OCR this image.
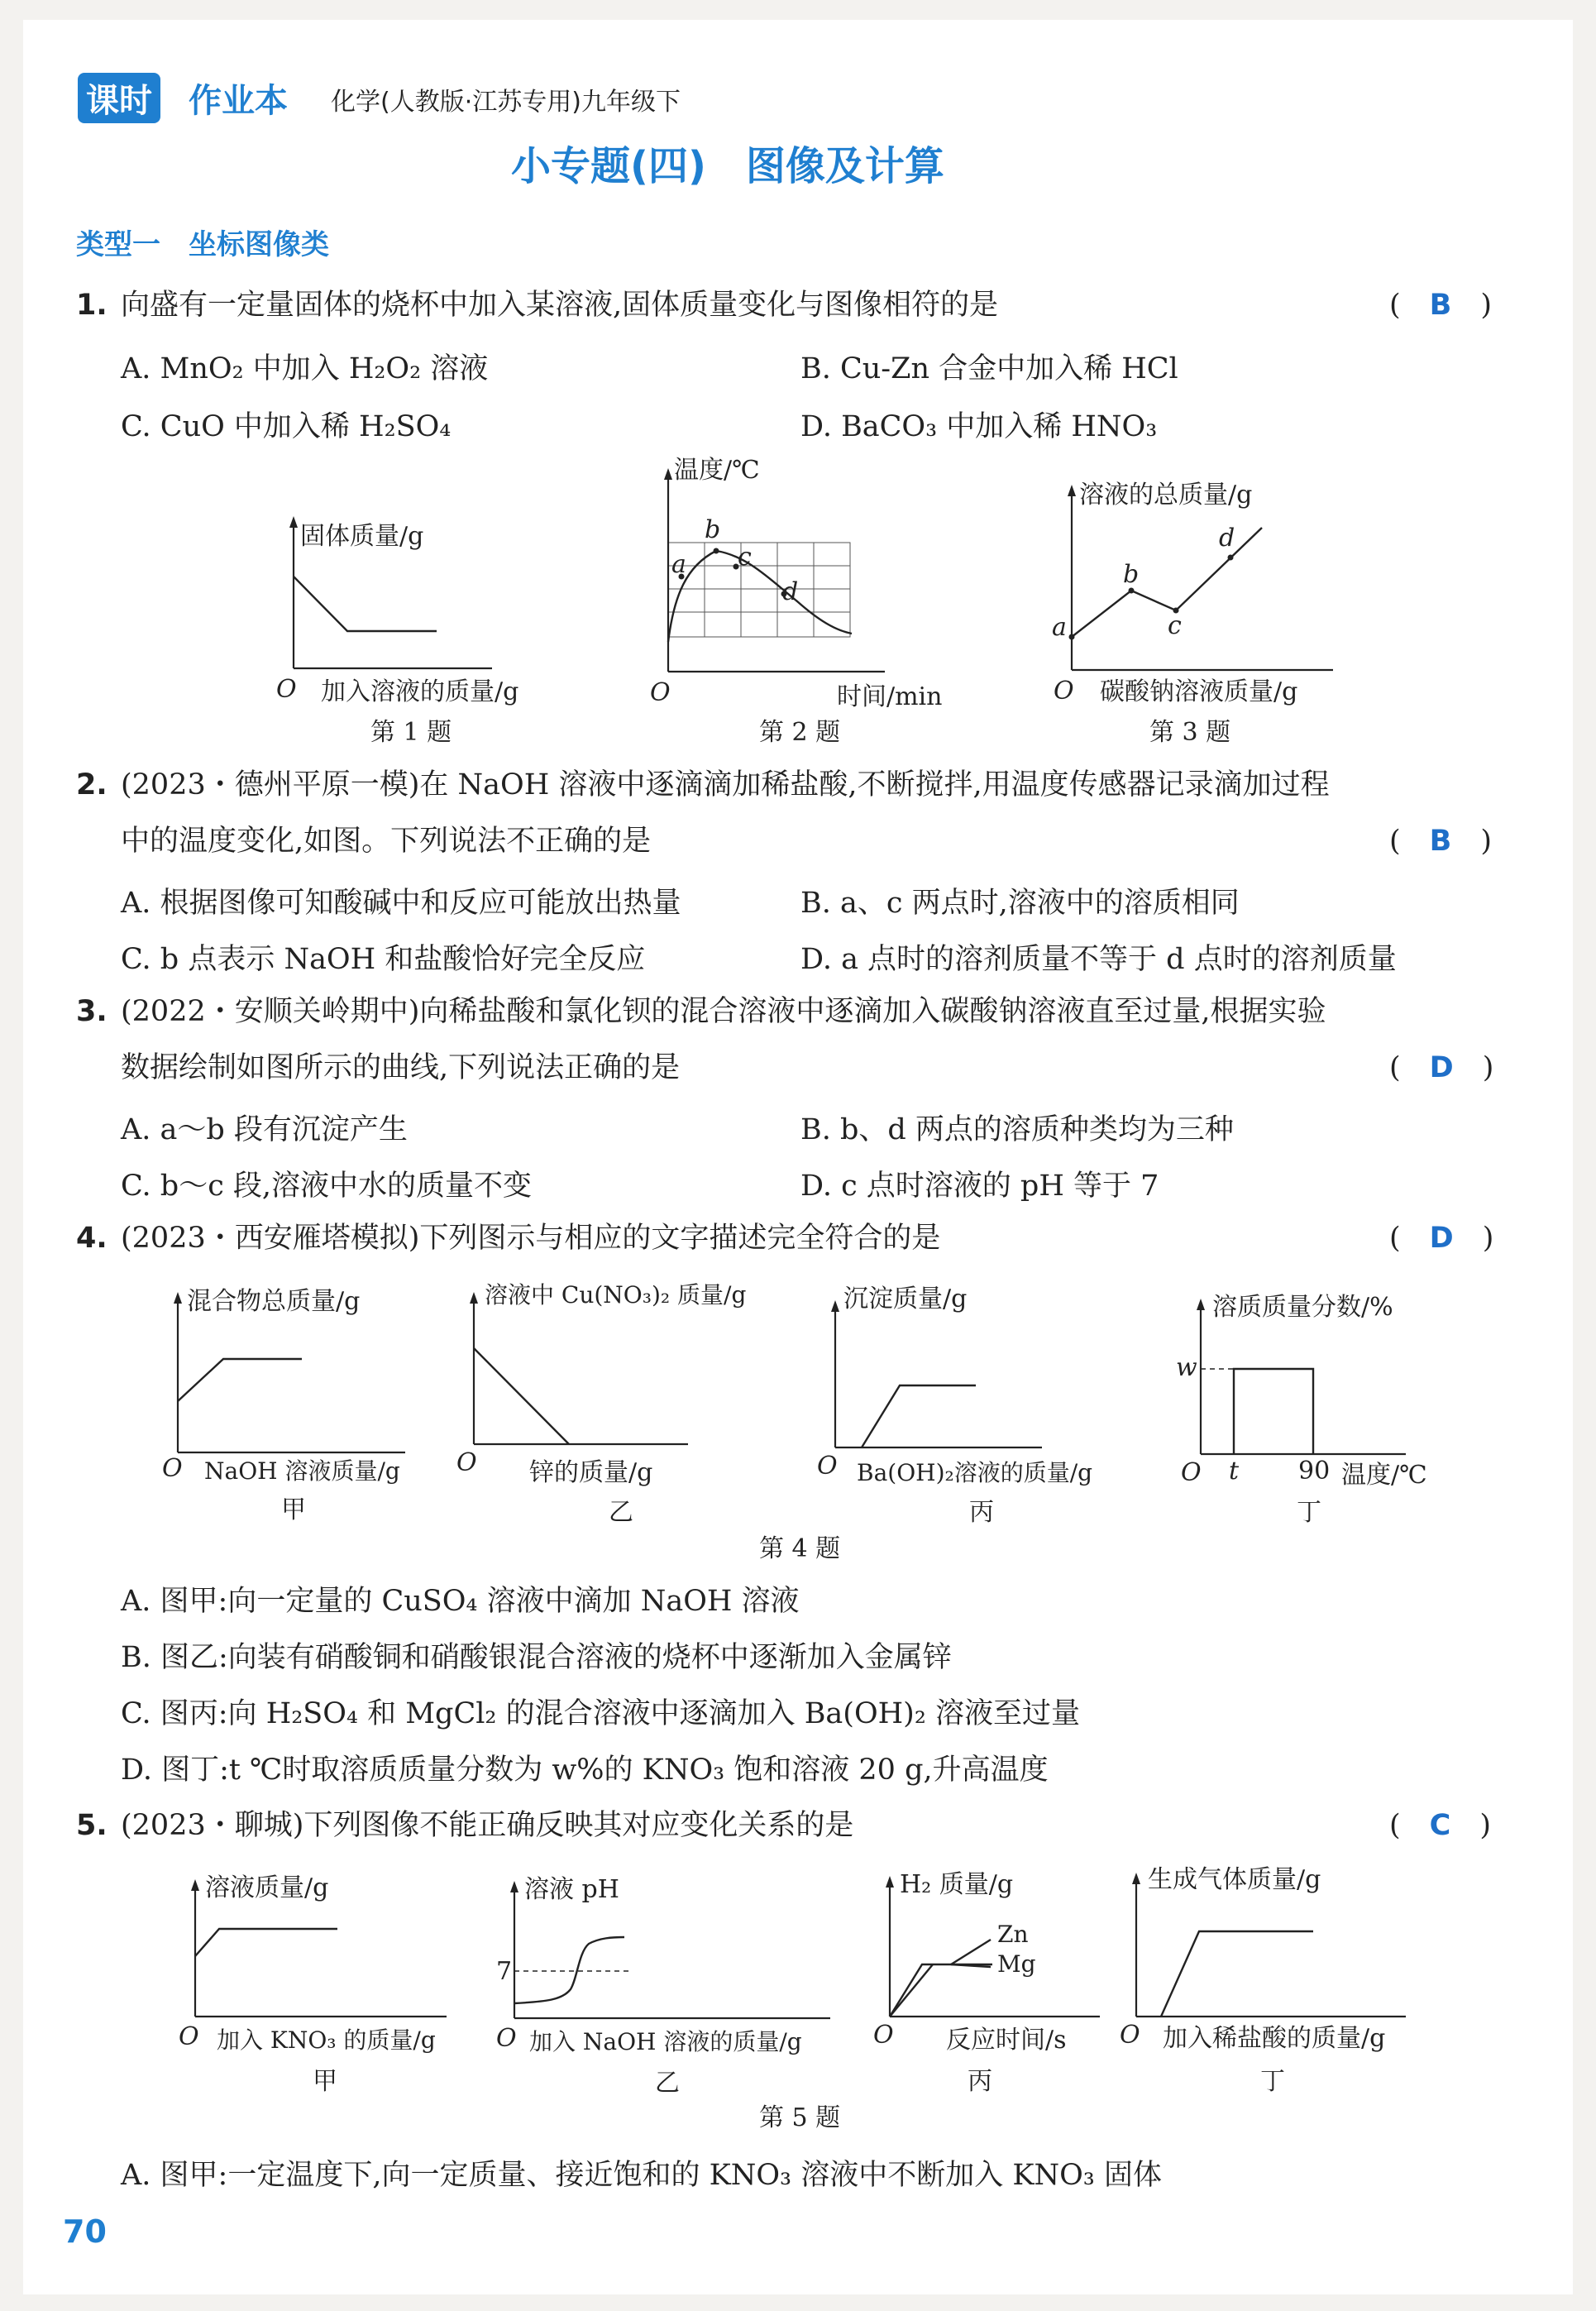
课时 作业本 化学(人教版·江苏专用)九年级下
小专题(四)　图像及计算
类型一　坐标图像类
1. 向盛有一定量固体的烧杯中加入某溶液,固体质量变化与图像相符的是	(　B　)
A. MnO₂ 中加入 H₂O₂ 溶液	B. Cu-Zn 合金中加入稀 HCl
C. CuO 中加入稀 H₂SO₄	D. BaCO₃ 中加入稀 HNO₃
固体质量/g
O 加入溶液的质量/g
第 1 题
温度/℃
a
b
c
d
O	时间/min
第 2 题
溶液的总质量/g
a
b
c
d
O 碳酸钠溶液质量/g
第 3 题
2. (2023・德州平原一模)在 NaOH 溶液中逐滴滴加稀盐酸,不断搅拌,用温度传感器记录滴加过程
中的温度变化,如图。下列说法不正确的是	(　B　)
A. 根据图像可知酸碱中和反应可能放出热量	B. a、c 两点时,溶液中的溶质相同
C. b 点表示 NaOH 和盐酸恰好完全反应	D. a 点时的溶剂质量不等于 d 点时的溶剂质量
3. (2022・安顺关岭期中)向稀盐酸和氯化钡的混合溶液中逐滴加入碳酸钠溶液直至过量,根据实验
数据绘制如图所示的曲线,下列说法正确的是	(　D　)
A. a～b 段有沉淀产生	B. b、d 两点的溶质种类均为三种
C. b～c 段,溶液中水的质量不变	D. c 点时溶液的 pH 等于 7
4. (2023・西安雁塔模拟)下列图示与相应的文字描述完全符合的是	(　D　)
混合物总质量/g
O NaOH 溶液质量/g
甲
溶液中 Cu(NO₃)₂ 质量/g
O 锌的质量/g
乙
沉淀质量/g
O Ba(OH)₂溶液的质量/g
丙
溶质质量分数/%
w
O t 90 温度/℃
丁
第 4 题
A. 图甲:向一定量的 CuSO₄ 溶液中滴加 NaOH 溶液
B. 图乙:向装有硝酸铜和硝酸银混合溶液的烧杯中逐渐加入金属锌
C. 图丙:向 H₂SO₄ 和 MgCl₂ 的混合溶液中逐滴加入 Ba(OH)₂ 溶液至过量
D. 图丁:t ℃时取溶质质量分数为 w%的 KNO₃ 饱和溶液 20 g,升高温度
5. (2023・聊城)下列图像不能正确反映其对应变化关系的是	(　C　)
溶液质量/g
O 加入 KNO₃ 的质量/g
甲
溶液 pH
7
O 加入 NaOH 溶液的质量/g
乙
H₂ 质量/g
Zn
Mg
O 反应时间/s
丙
生成气体质量/g
O 加入稀盐酸的质量/g
丁
第 5 题
A. 图甲:一定温度下,向一定质量、接近饱和的 KNO₃ 溶液中不断加入 KNO₃ 固体
70
